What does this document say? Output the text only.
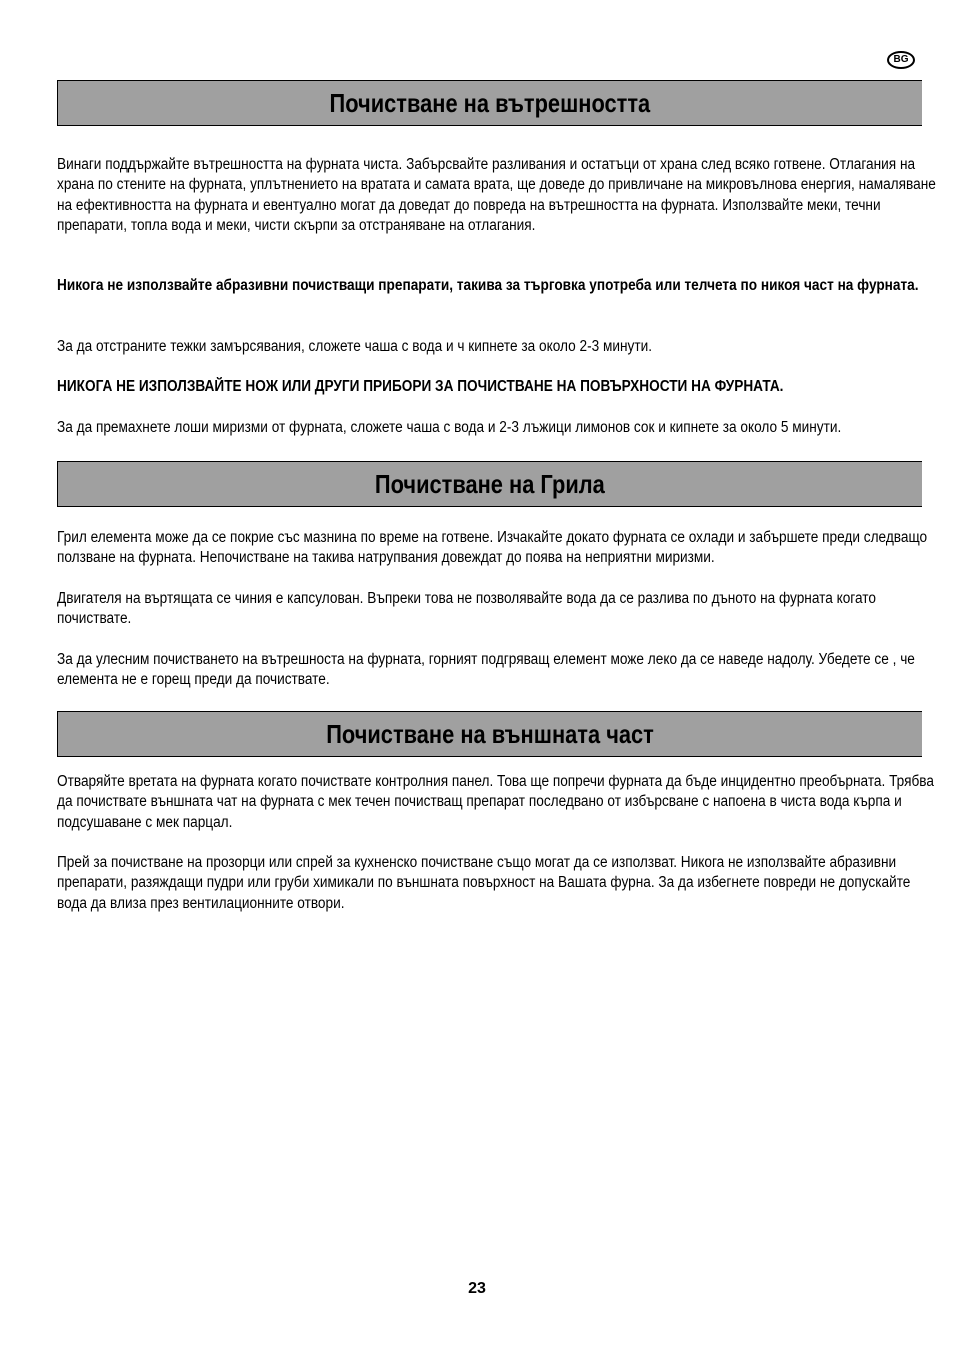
BG
Почистване на вътрешността

Винаги поддържайте вътрешността на фурната чиста. Забърсвайте разливания и остатъци от храна след всяко готвене. Отлагания на храна по стените на фурната, уплътнението на вратата и самата врата, ще доведе до привличане на микровълнова енергия, намаляване на ефективността на фурната и евентуално могат да доведат до повреда на вътрешността на фурната. Използвайте меки, течни препарати, топла вода и меки, чисти скърпи за отстраняване на отлагания.

Никога не използвайте абразивни почистващи препарати, такива за търговка употреба или телчета по никоя част на фурната.

За да отстраните тежки замърсявания, сложете чаша с вода и ч кипнете за около 2-3 минути.

НИКОГА НЕ ИЗПОЛЗВАЙТЕ НОЖ ИЛИ ДРУГИ ПРИБОРИ ЗА ПОЧИСТВАНЕ НА ПОВЪРХНОСТИ НА ФУРНАТА.

За да премахнете лоши миризми от фурната, сложете чаша с вода и 2-3 лъжици лимонов сок и кипнете за около 5 минути.

Почистване на Грила

Грил елемента може да се покрие със мазнина по време на готвене. Изчакайте докато фурната се охлади и забършете преди следващо ползване на фурната. Непочистване на такива натрупвания довеждат до поява на неприятни миризми.

Двигателя на въртящата се чиния е капсулован. Въпреки това не позволявайте вода да се разлива по дъното на фурната когато почиствате.

За да улесним почистването на вътрешноста на фурната, горният подгряващ елемент може леко да се наведе надолу. Убедете се , че елемента не е горещ преди да почиствате.

Почистване на външната част

Отваряйте вретата на фурната когато почиствате контролния панел. Това ще попречи фурната да бъде инцидентно преобърната. Трябва да почиствате външната чат на фурната с мек течен почистващ препарат последвано от избърсване с напоена в чиста вода кърпа и подсушаване с мек парцал.

Прей за почистване на прозорци или спрей за кухненско почистване също могат да се използват. Никога не използвайте абразивни препарати, разяждащи пудри или груби химикали по външната повърхност на Вашата фурна. За да избегнете повреди не допускайте вода да влиза през вентилационните отвори.

23
